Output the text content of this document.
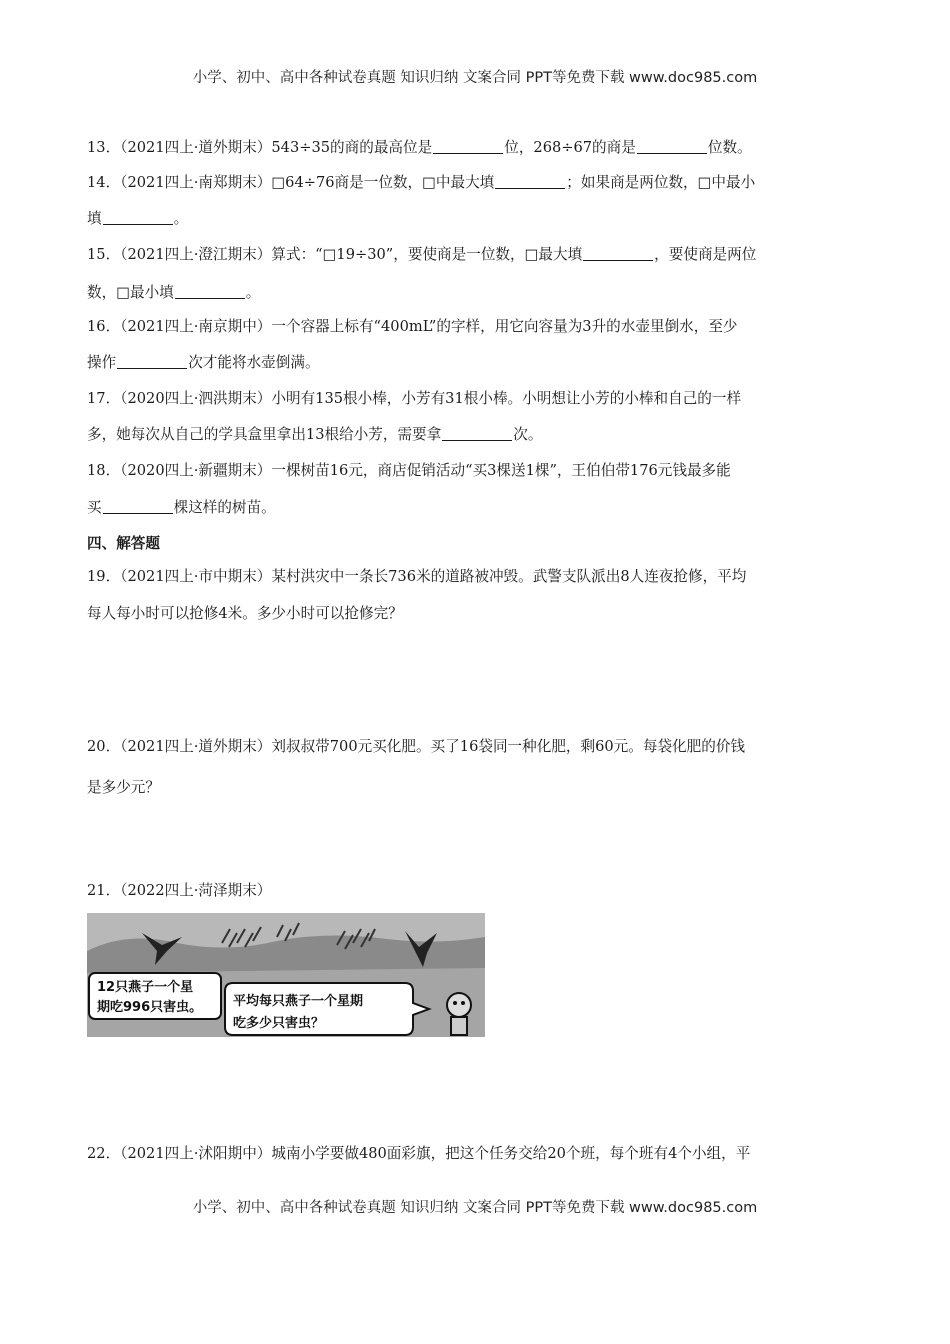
小学、初中、高中各种试卷真题 知识归纳 文案合同 PPT等免费下载 www.doc985.com
13．（2021四上·道外期末）543÷35的商的最高位是	位，268÷67的商是	位数。
14．（2021四上·南郑期末）□64÷76商是一位数，□中最大填	；如果商是两位数，□中最小
填	。
15．（2021四上·澄江期末）算式：“□19÷30”，要使商是一位数，□最大填	，要使商是两位
数，□最小填	。
16．（2021四上·南京期中）一个容器上标有“400mL”的字样，用它向容量为3升的水壶里倒水，至少
操作	次才能将水壶倒满。
17．（2020四上·泗洪期末）小明有135根小棒，小芳有31根小棒。小明想让小芳的小棒和自己的一样
多，她每次从自己的学具盒里拿出13根给小芳，需要拿	次。
18．（2020四上·新疆期末）一棵树苗16元，商店促销活动“买3棵送1棵”，王伯伯带176元钱最多能
买	棵这样的树苗。
四、解答题
19．（2021四上·市中期末）某村洪灾中一条长736米的道路被冲毁。武警支队派出8人连夜抢修，平均
每人每小时可以抢修4米。多少小时可以抢修完？
20．（2021四上·道外期末）刘叔叔带700元买化肥。买了16袋同一种化肥，剩60元。每袋化肥的价钱
是多少元？
21．（2022四上·菏泽期末）
12只燕子一个星
期吃996只害虫。 平均每只燕子一个星期
吃多少只害虫？
22．（2021四上·沭阳期中）城南小学要做480面彩旗，把这个任务交给20个班，每个班有4个小组，平
小学、初中、高中各种试卷真题 知识归纳 文案合同 PPT等免费下载 www.doc985.com
